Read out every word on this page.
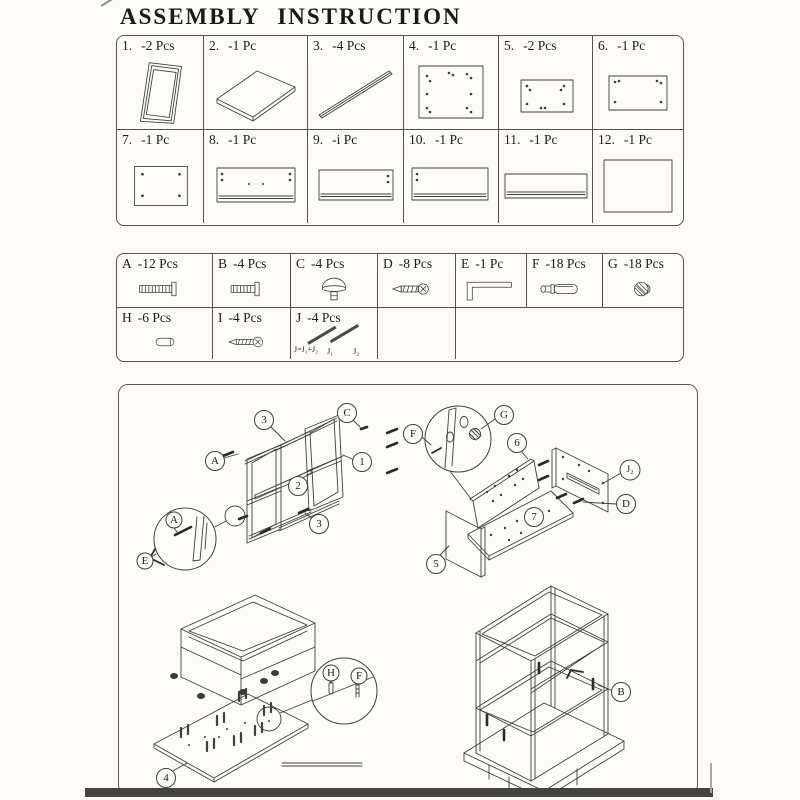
ASSEMBLY INSTRUCTION
1. -2 Pcs	2. -1 Pc	3. -4 Pcs	4. -1 Pc	5. -2 Pcs	6. -1 Pc
7. -1 Pc	8. -1 Pc	9. -i Pc	10. -1 Pc	11. -1 Pc	12. -1 Pc
A -12 Pcs	B -4 Pcs C -4 Pcs	D -8 Pcs E -1 Pc F -18 Pcs G -18 Pcs
H -6 Pcs	I -4 Pcs	J -4 Pcs
J=J₁+J₂ J₁ J₂
3
C
A	1
2
3
A
E
F
G
6
J₂
D
7
5
H F
4
B
